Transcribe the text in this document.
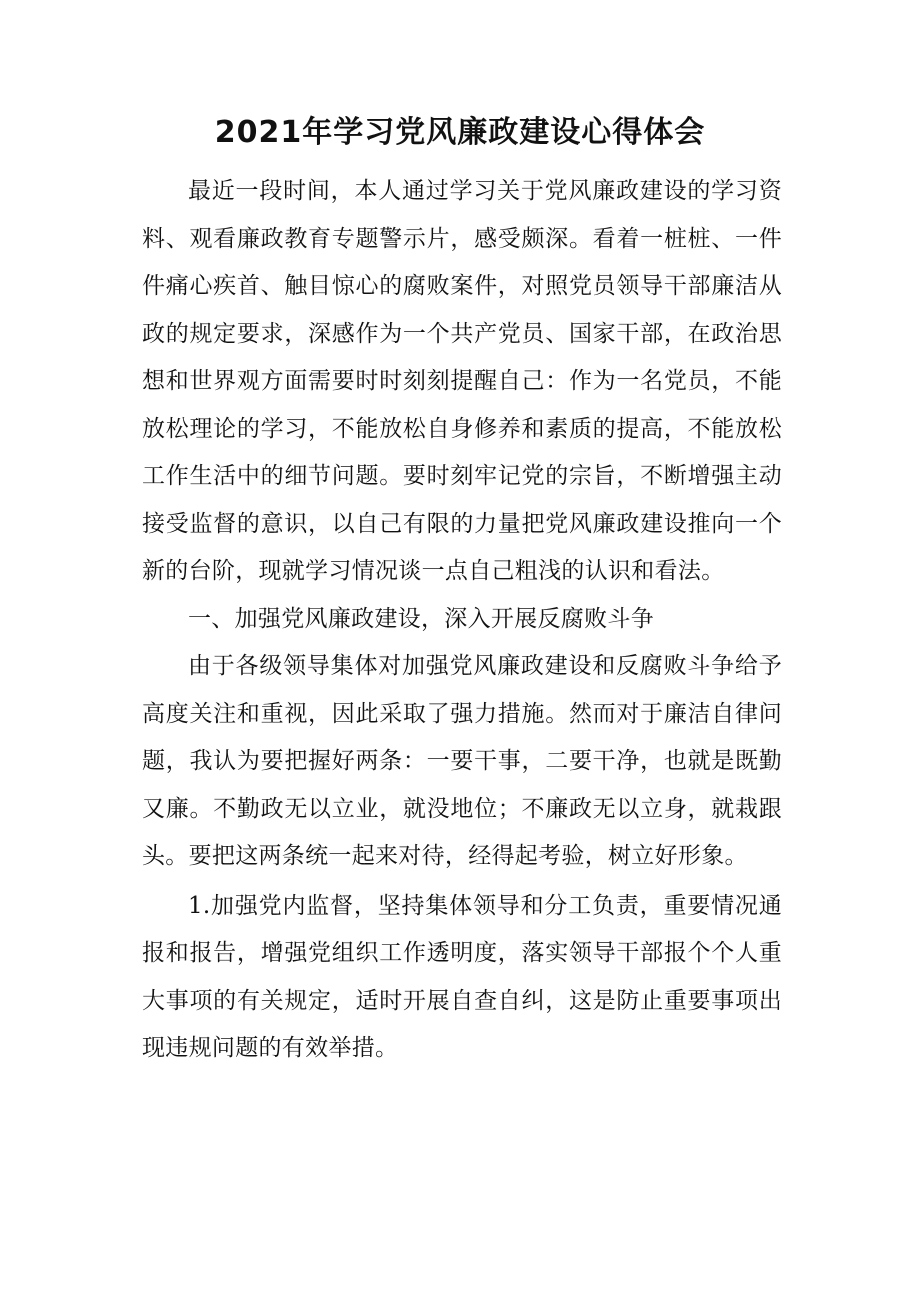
2021年学习党风廉政建设心得体会

最近一段时间，本人通过学习关于党风廉政建设的学习资料、观看廉政教育专题警示片，感受颇深。看着一桩桩、一件件痛心疾首、触目惊心的腐败案件，对照党员领导干部廉洁从政的规定要求，深感作为一个共产党员、国家干部，在政治思想和世界观方面需要时时刻刻提醒自己：作为一名党员，不能放松理论的学习，不能放松自身修养和素质的提高，不能放松工作生活中的细节问题。要时刻牢记党的宗旨，不断增强主动接受监督的意识，以自己有限的力量把党风廉政建设推向一个新的台阶，现就学习情况谈一点自己粗浅的认识和看法。

一、加强党风廉政建设，深入开展反腐败斗争

由于各级领导集体对加强党风廉政建设和反腐败斗争给予高度关注和重视，因此采取了强力措施。然而对于廉洁自律问题，我认为要把握好两条：一要干事，二要干净，也就是既勤又廉。不勤政无以立业，就没地位；不廉政无以立身，就栽跟头。要把这两条统一起来对待，经得起考验，树立好形象。

1.加强党内监督，坚持集体领导和分工负责，重要情况通报和报告，增强党组织工作透明度，落实领导干部报个个人重大事项的有关规定，适时开展自查自纠，这是防止重要事项出现违规问题的有效举措。
